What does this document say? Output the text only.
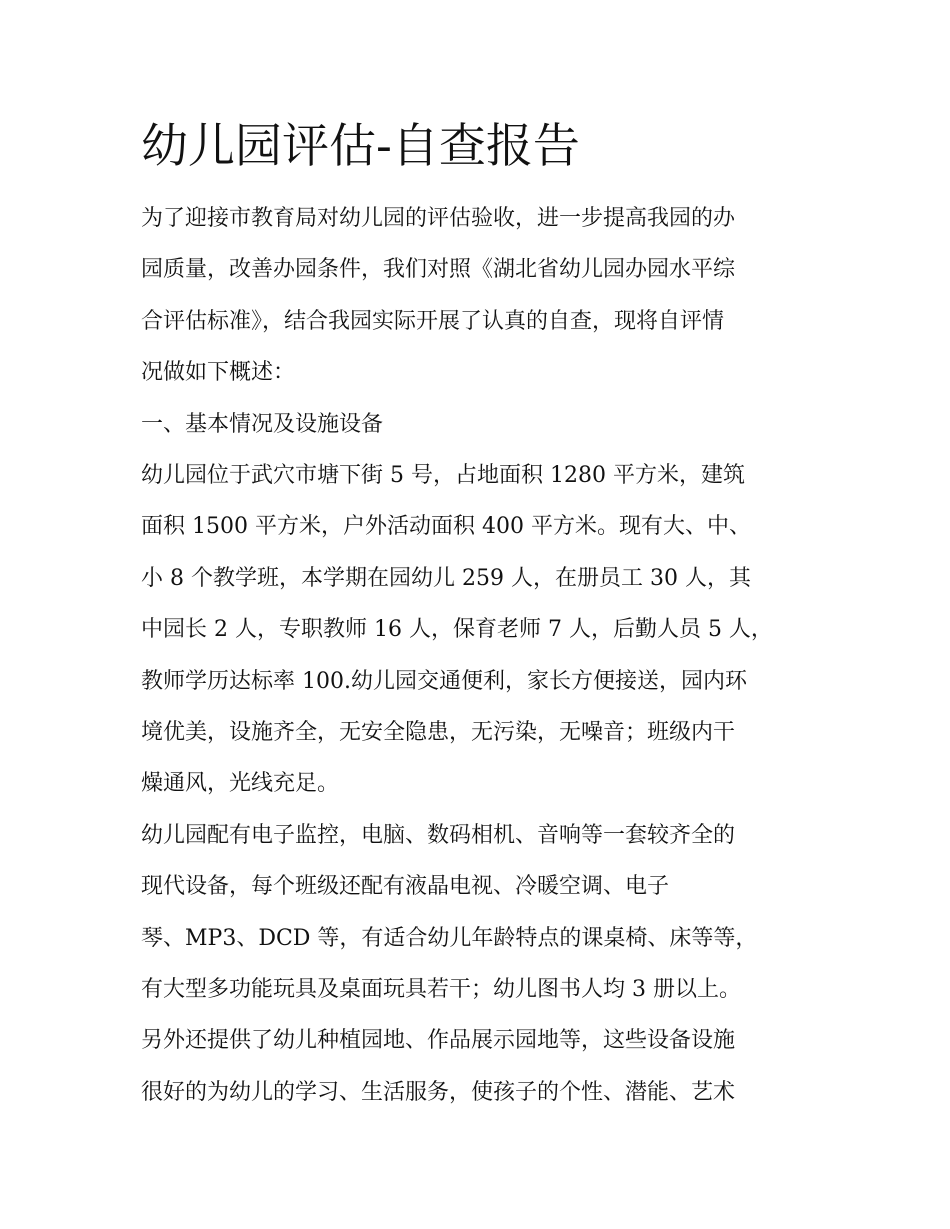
幼儿园评估-自查报告

为了迎接市教育局对幼儿园的评估验收，进一步提高我园的办

园质量，改善办园条件，我们对照《湖北省幼儿园办园水平综

合评估标准》，结合我园实际开展了认真的自查，现将自评情

况做如下概述：

一、基本情况及设施设备

幼儿园位于武穴市塘下街 5 号，占地面积 1280 平方米，建筑

面积 1500 平方米，户外活动面积 400 平方米。现有大、中、

小 8 个教学班，本学期在园幼儿 259 人，在册员工 30 人，其

中园长 2 人，专职教师 16 人，保育老师 7 人，后勤人员 5 人，

教师学历达标率 100.幼儿园交通便利，家长方便接送，园内环

境优美，设施齐全，无安全隐患，无污染，无噪音；班级内干

燥通风，光线充足。

幼儿园配有电子监控，电脑、数码相机、音响等一套较齐全的

现代设备，每个班级还配有液晶电视、冷暖空调、电子

琴、MP3、DCD 等，有适合幼儿年龄特点的课桌椅、床等等，

有大型多功能玩具及桌面玩具若干；幼儿图书人均 3 册以上。

另外还提供了幼儿种植园地、作品展示园地等，这些设备设施

很好的为幼儿的学习、生活服务，使孩子的个性、潜能、艺术
